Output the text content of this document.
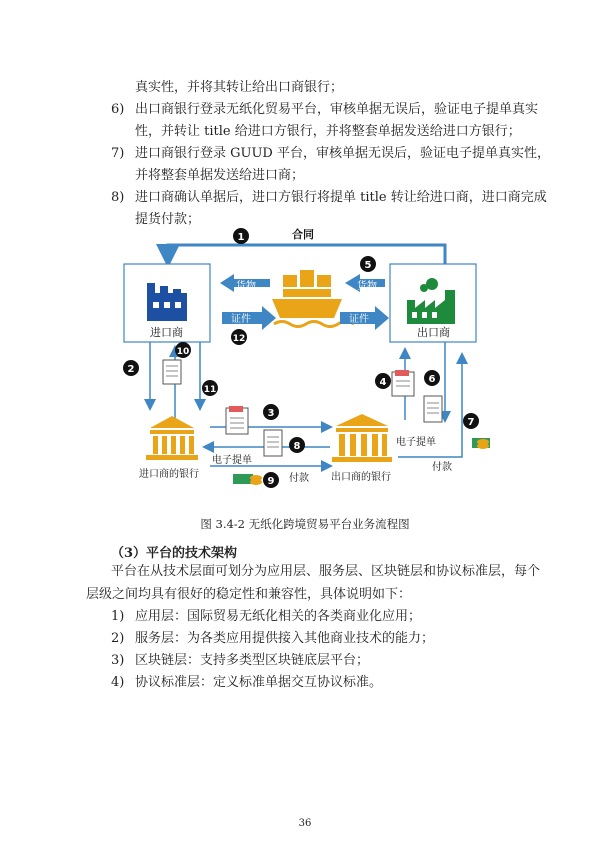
真实性，并将其转让给出口商银行；
6) 出口商银行登录无纸化贸易平台，审核单据无误后，验证电子提单真实
性，并转让 title 给进口方银行，并将整套单据发送给进口方银行；
7) 进口商银行登录 GUUD 平台，审核单据无误后，验证电子提单真实性，
并将整套单据发送给进口商；
8) 进口商确认单据后，进口方银行将提单 title 转让给进口商，进口商完成
提货付款；
1
2
3
4
5
6
7
8
9
10
11
12
合同
进口商	出口商
货物	货物
证件	证件
电子提单
电子提单
付款
付款
进口商的银行	出口商的银行
图 3.4-2 无纸化跨境贸易平台业务流程图
（3）平台的技术架构
平台在从技术层面可划分为应用层、服务层、区块链层和协议标准层，每个
层级之间均具有很好的稳定性和兼容性，具体说明如下：
1) 应用层：国际贸易无纸化相关的各类商业化应用；
2) 服务层：为各类应用提供接入其他商业技术的能力；
3) 区块链层：支持多类型区块链底层平台；
4) 协议标准层：定义标准单据交互协议标准。
36
